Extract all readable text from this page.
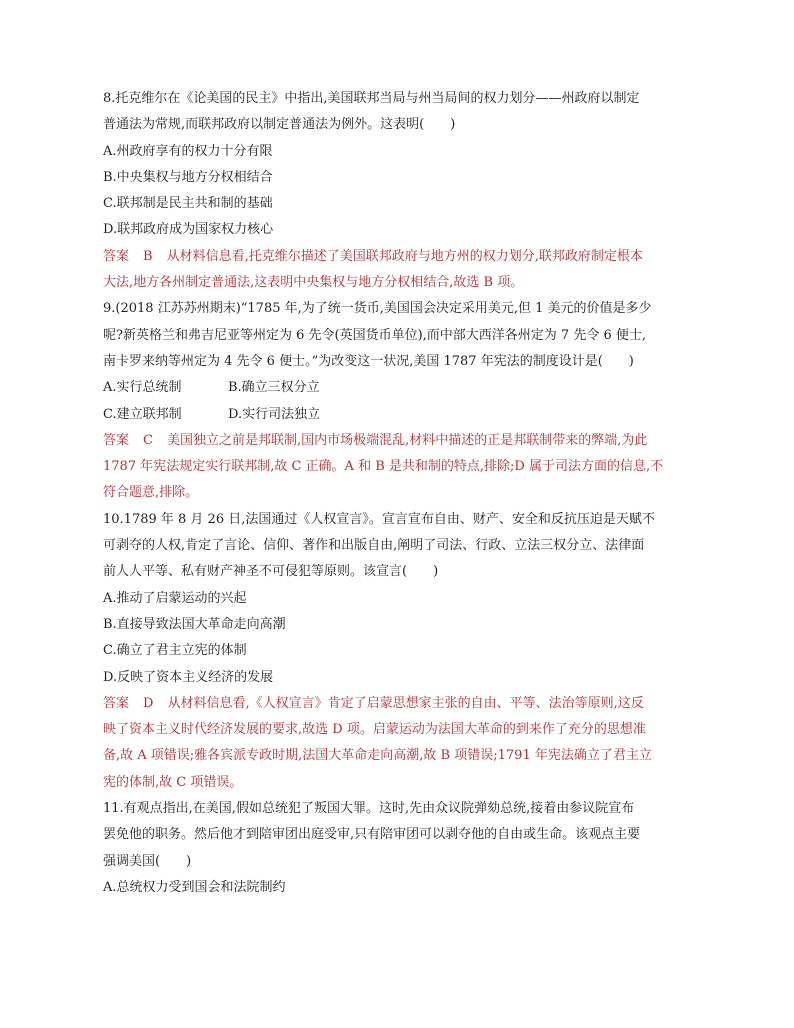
8.托克维尔在《论美国的民主》中指出,美国联邦当局与州当局间的权力划分——州政府以制定
普通法为常规,而联邦政府以制定普通法为例外。这表明(　　)
A.州政府享有的权力十分有限
B.中央集权与地方分权相结合
C.联邦制是民主共和制的基础
D.联邦政府成为国家权力核心
答案 B 从材料信息看,托克维尔描述了美国联邦政府与地方州的权力划分,联邦政府制定根本
大法,地方各州制定普通法,这表明中央集权与地方分权相结合,故选 B 项。
9.(2018 江苏苏州期末)“1785 年,为了统一货币,美国国会决定采用美元,但 1 美元的价值是多少
呢?新英格兰和弗吉尼亚等州定为 6 先令(英国货币单位),而中部大西洋各州定为 7 先令 6 便士,
南卡罗来纳等州定为 4 先令 6 便士。”为改变这一状况,美国 1787 年宪法的制度设计是(　　)
A.实行总统制	B.确立三权分立
C.建立联邦制	D.实行司法独立
答案 C 美国独立之前是邦联制,国内市场极端混乱,材料中描述的正是邦联制带来的弊端,为此
1787 年宪法规定实行联邦制,故 C 正确。A 和 B 是共和制的特点,排除;D 属于司法方面的信息,不
符合题意,排除。
10.1789 年 8 月 26 日,法国通过《人权宣言》。宣言宣布自由、财产、安全和反抗压迫是天赋不
可剥夺的人权,肯定了言论、信仰、著作和出版自由,阐明了司法、行政、立法三权分立、法律面
前人人平等、私有财产神圣不可侵犯等原则。该宣言(　　)
A.推动了启蒙运动的兴起
B.直接导致法国大革命走向高潮
C.确立了君主立宪的体制
D.反映了资本主义经济的发展
答案 D 从材料信息看,《人权宣言》肯定了启蒙思想家主张的自由、平等、法治等原则,这反
映了资本主义时代经济发展的要求,故选 D 项。启蒙运动为法国大革命的到来作了充分的思想准
备,故 A 项错误;雅各宾派专政时期,法国大革命走向高潮,故 B 项错误;1791 年宪法确立了君主立
宪的体制,故 C 项错误。
11.有观点指出,在美国,假如总统犯了叛国大罪。这时,先由众议院弹劾总统,接着由参议院宣布
罢免他的职务。然后他才到陪审团出庭受审,只有陪审团可以剥夺他的自由或生命。该观点主要
强调美国(　　)
A.总统权力受到国会和法院制约
